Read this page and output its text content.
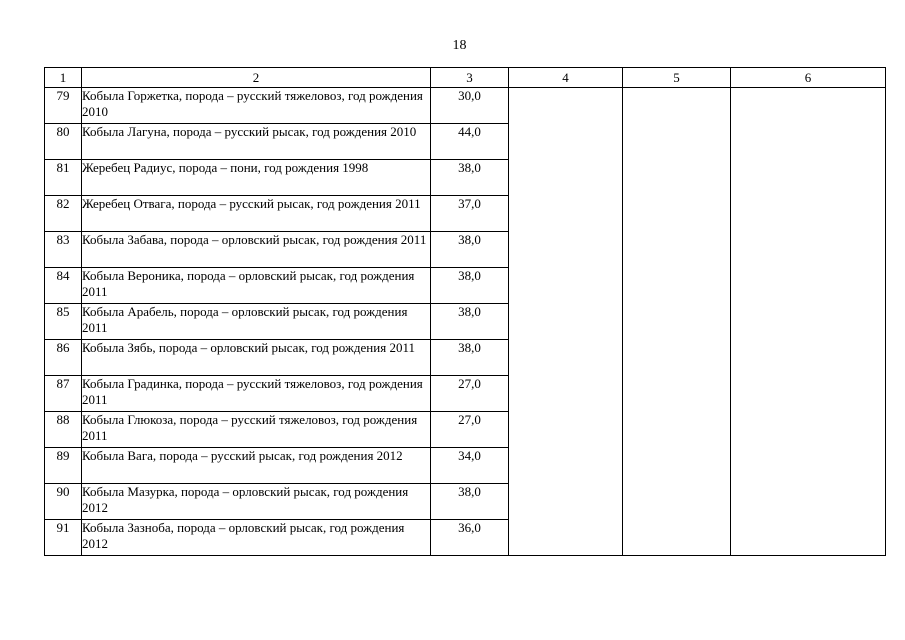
18
1	2	3	4	5	6
79	Кобыла Горжетка, порода – русский тяжеловоз, год рождения 2010	30,0			
80	Кобыла Лагуна, порода – русский рысак, год рождения 2010	44,0			
81	Жеребец Радиус, порода – пони, год рождения 1998	38,0			
82	Жеребец Отвага, порода – русский рысак, год рождения 2011	37,0			
83	Кобыла Забава, порода – орловский рысак, год рождения 2011	38,0			
84	Кобыла Вероника, порода – орловский рысак, год рождения 2011	38,0			
85	Кобыла Арабель, порода – орловский рысак, год рождения 2011	38,0			
86	Кобыла Зябь, порода – орловский рысак, год рождения 2011	38,0			
87	Кобыла Градинка, порода – русский тяжеловоз, год рождения 2011	27,0			
88	Кобыла Глюкоза, порода – русский тяжеловоз, год рождения 2011	27,0			
89	Кобыла Вага, порода – русский рысак, год рождения 2012	34,0			
90	Кобыла Мазурка, порода – орловский рысак, год рождения 2012	38,0			
91	Кобыла Зазноба, порода – орловский рысак, год рождения 2012	36,0			
